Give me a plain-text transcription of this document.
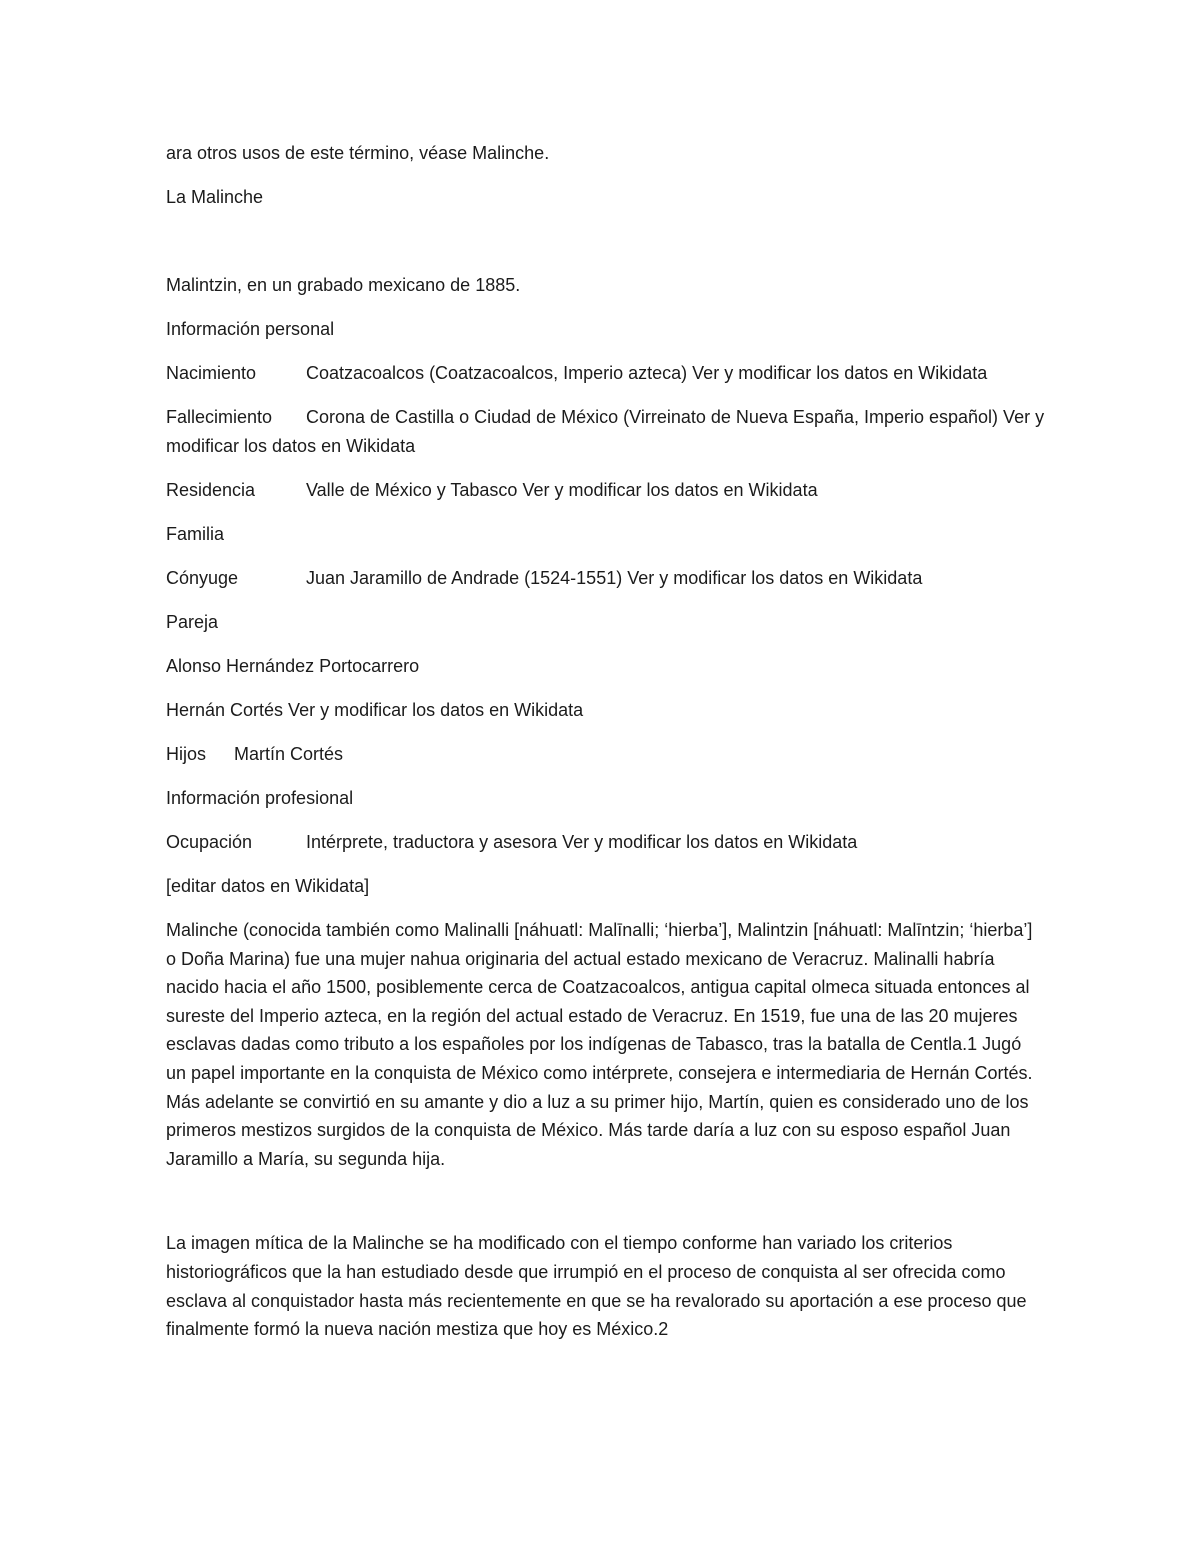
ara otros usos de este término, véase Malinche.

La Malinche

Malintzin, en un grabado mexicano de 1885.

Información personal

Nacimiento	Coatzacoalcos (Coatzacoalcos, Imperio azteca) Ver y modificar los datos en Wikidata

Fallecimiento Corona de Castilla o Ciudad de México (Virreinato de Nueva España, Imperio español) Ver y modificar los datos en Wikidata

Residencia	Valle de México y Tabasco Ver y modificar los datos en Wikidata

Familia

Cónyuge	Juan Jaramillo de Andrade (1524-1551) Ver y modificar los datos en Wikidata

Pareja

Alonso Hernández Portocarrero

Hernán Cortés Ver y modificar los datos en Wikidata

Hijos Martín Cortés

Información profesional

Ocupación	Intérprete, traductora y asesora Ver y modificar los datos en Wikidata

[editar datos en Wikidata]

Malinche (conocida también como Malinalli [náhuatl: Malīnalli; ‘hierba’], Malintzin [náhuatl: Malīntzin; ‘hierba’] o Doña Marina) fue una mujer nahua originaria del actual estado mexicano de Veracruz. Malinalli habría nacido hacia el año 1500, posiblemente cerca de Coatzacoalcos, antigua capital olmeca situada entonces al sureste del Imperio azteca, en la región del actual estado de Veracruz. En 1519, fue una de las 20 mujeres esclavas dadas como tributo a los españoles por los indígenas de Tabasco, tras la batalla de Centla.1 Jugó un papel importante en la conquista de México como intérprete, consejera e intermediaria de Hernán Cortés. Más adelante se convirtió en su amante y dio a luz a su primer hijo, Martín, quien es considerado uno de los primeros mestizos surgidos de la conquista de México. Más tarde daría a luz con su esposo español Juan Jaramillo a María, su segunda hija.

La imagen mítica de la Malinche se ha modificado con el tiempo conforme han variado los criterios historiográficos que la han estudiado desde que irrumpió en el proceso de conquista al ser ofrecida como esclava al conquistador hasta más recientemente en que se ha revalorado su aportación a ese proceso que finalmente formó la nueva nación mestiza que hoy es México.2
